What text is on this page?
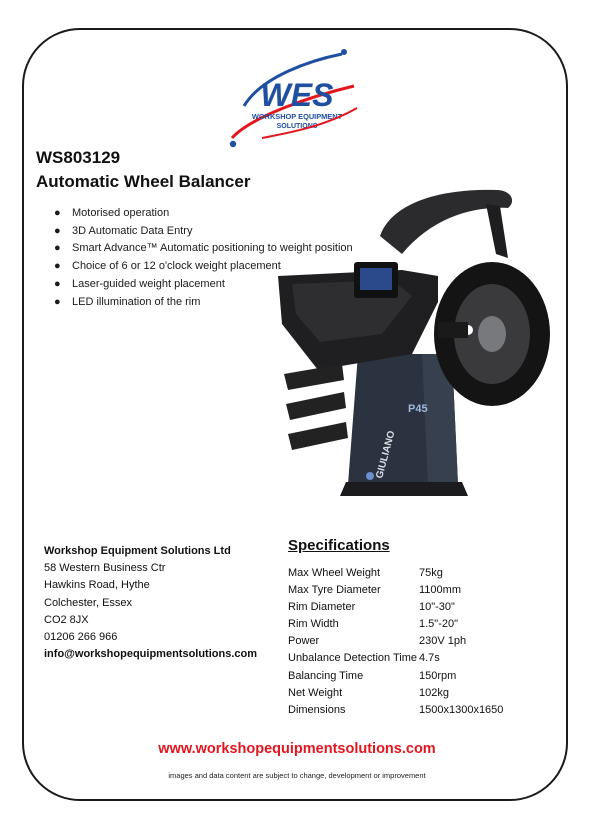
WES
WORKSHOP EQUIPMENT
SOLUTIONS
WS803129
Automatic Wheel Balancer
● Motorised operation
● 3D Automatic Data Entry
● Smart Advance™ Automatic positioning to weight position
● Choice of 6 or 12 o'clock weight placement
● Laser-guided weight placement
● LED illumination of the rim
P45
GIULIANO
Workshop Equipment Solutions Ltd
58 Western Business Ctr
Hawkins Road, Hythe
Colchester, Essex
CO2 8JX
01206 266 966
info@workshopequipmentsolutions.com
Specifications
Max Wheel Weight	75kg
Max Tyre Diameter	1100mm
Rim Diameter	10"-30"
Rim Width	1.5"-20"
Power	230V 1ph
Unbalance Detection Time	4.7s
Balancing Time	150rpm
Net Weight	102kg
Dimensions	1500x1300x1650
www.workshopequipmentsolutions.com
images and data content are subject to change, development or improvement
